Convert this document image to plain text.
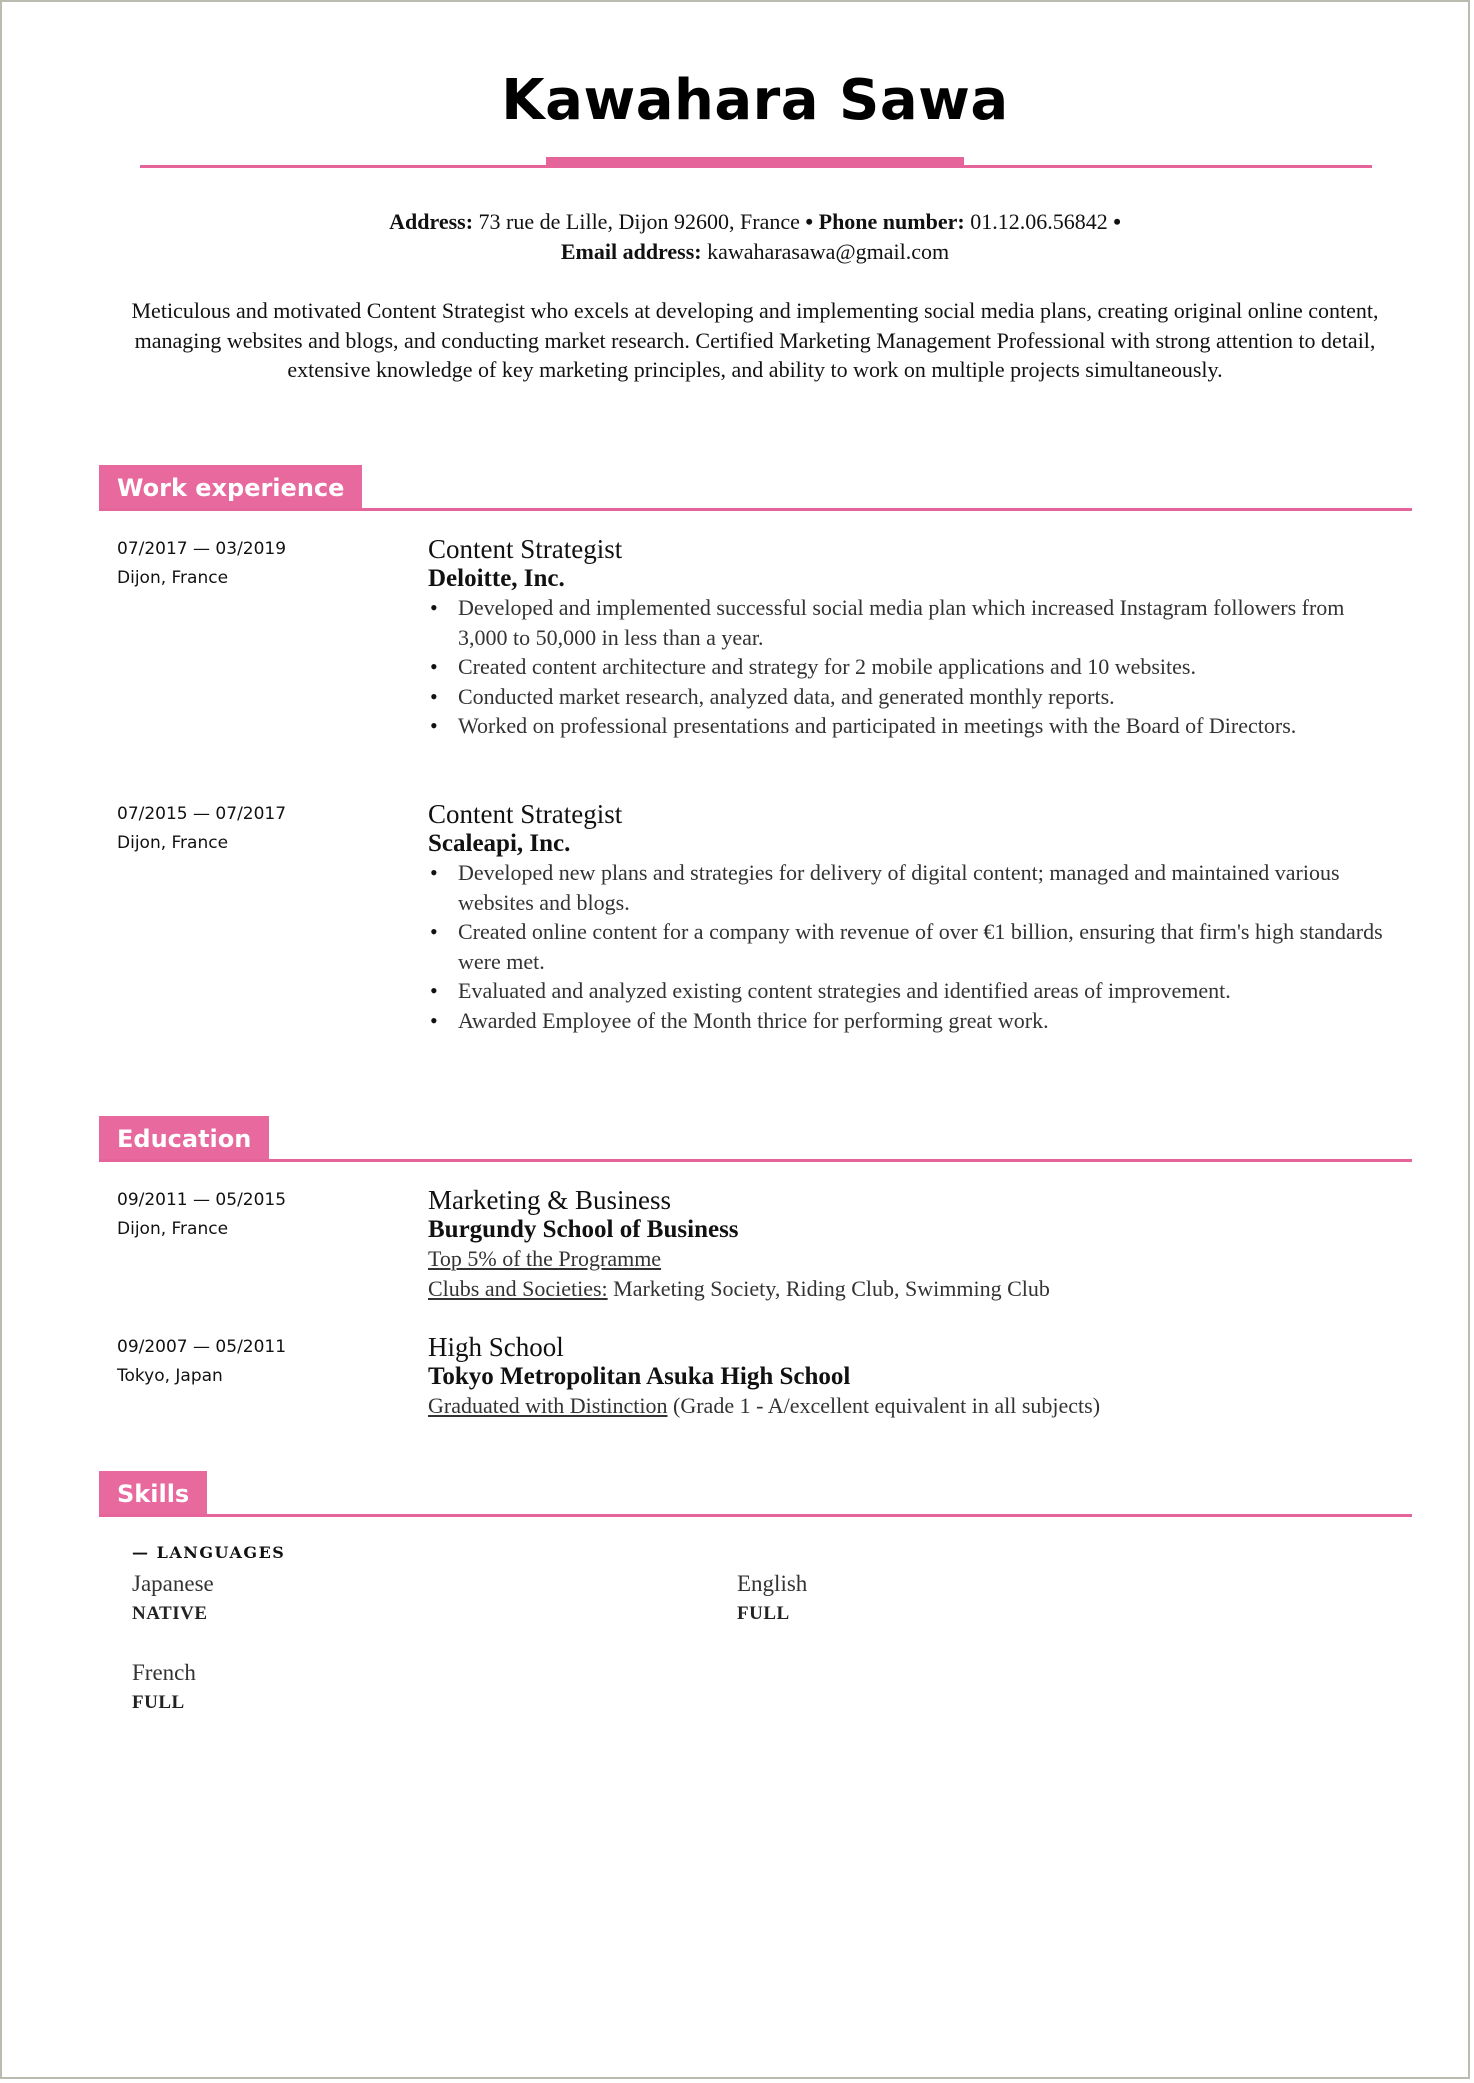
Kawahara Sawa
Address: 73 rue de Lille, Dijon 92600, France • Phone number: 01.12.06.56842 •
Email address: kawaharasawa@gmail.com
Meticulous and motivated Content Strategist who excels at developing and implementing social media plans, creating original online content, managing websites and blogs, and conducting market research. Certified Marketing Management Professional with strong attention to detail, extensive knowledge of key marketing principles, and ability to work on multiple projects simultaneously.
Work experience
07/2017 — 03/2019
Dijon, France
Content Strategist
Deloitte, Inc.
• Developed and implemented successful social media plan which increased Instagram followers from 3,000 to 50,000 in less than a year.
• Created content architecture and strategy for 2 mobile applications and 10 websites.
• Conducted market research, analyzed data, and generated monthly reports.
• Worked on professional presentations and participated in meetings with the Board of Directors.
07/2015 — 07/2017
Dijon, France
Content Strategist
Scaleapi, Inc.
• Developed new plans and strategies for delivery of digital content; managed and maintained various websites and blogs.
• Created online content for a company with revenue of over €1 billion, ensuring that firm's high standards were met.
• Evaluated and analyzed existing content strategies and identified areas of improvement.
• Awarded Employee of the Month thrice for performing great work.
Education
09/2011 — 05/2015
Dijon, France
Marketing & Business
Burgundy School of Business
Top 5% of the Programme
Clubs and Societies: Marketing Society, Riding Club, Swimming Club
09/2007 — 05/2011
Tokyo, Japan
High School
Tokyo Metropolitan Asuka High School
Graduated with Distinction (Grade 1 - A/excellent equivalent in all subjects)
Skills
— LANGUAGES
Japanese
NATIVE
English
FULL
French
FULL
